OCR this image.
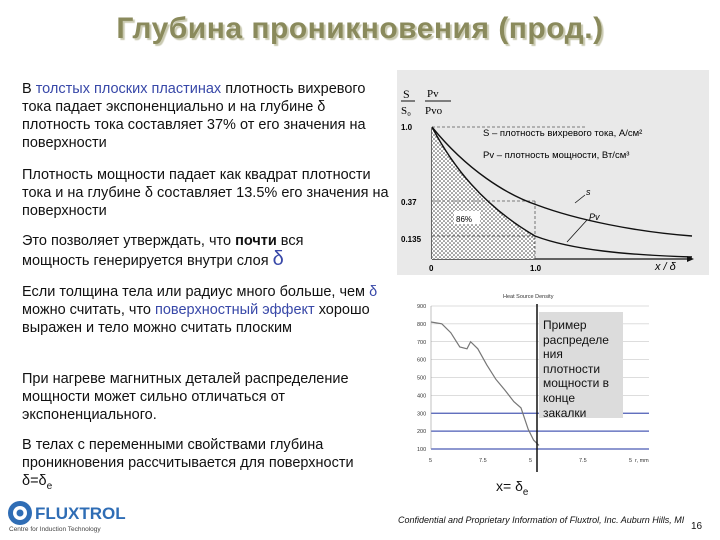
Глубина проникновения (прод.)
В толстых плоских пластинах плотность вихревого тока падает экспоненциально и на глубине δ плотность тока составляет 37% от его значения на поверхности
Плотность мощности падает как квадрат плотности тока и на глубине δ составляет 13.5% его значения на поверхности
Это позволяет утверждать, что почти вся мощность генерируется внутри слоя δ
Если толщина тела или радиус много больше, чем δ можно считать, что поверхностный эффект хорошо выражен и тело можно считать плоским
При нагреве магнитных деталей распределение мощности может сильно отличаться от экспоненциального.
В телах с переменными свойствами глубина проникновения рассчитывается для поверхности $\delta=\delta_e$
S
S₀
Pv
Pvo
1.0
0.37
0.135
0	1.0	x / δ
86%
s
Pv
S – плотность вихревого тока, А/см²
Pv – плотность мощности, Вт/см³
Heat Source Density
900
800
700
600
500
400
300
200
100
5	7.5	5	7.5	5 r, mm
Пример распределе ния плотности мощности в конце закалки
$x= \delta_e$
FLUXTROL
Centre for Induction Technology
Confidential and Proprietary Information of Fluxtrol, Inc. Auburn Hills, MI
16
